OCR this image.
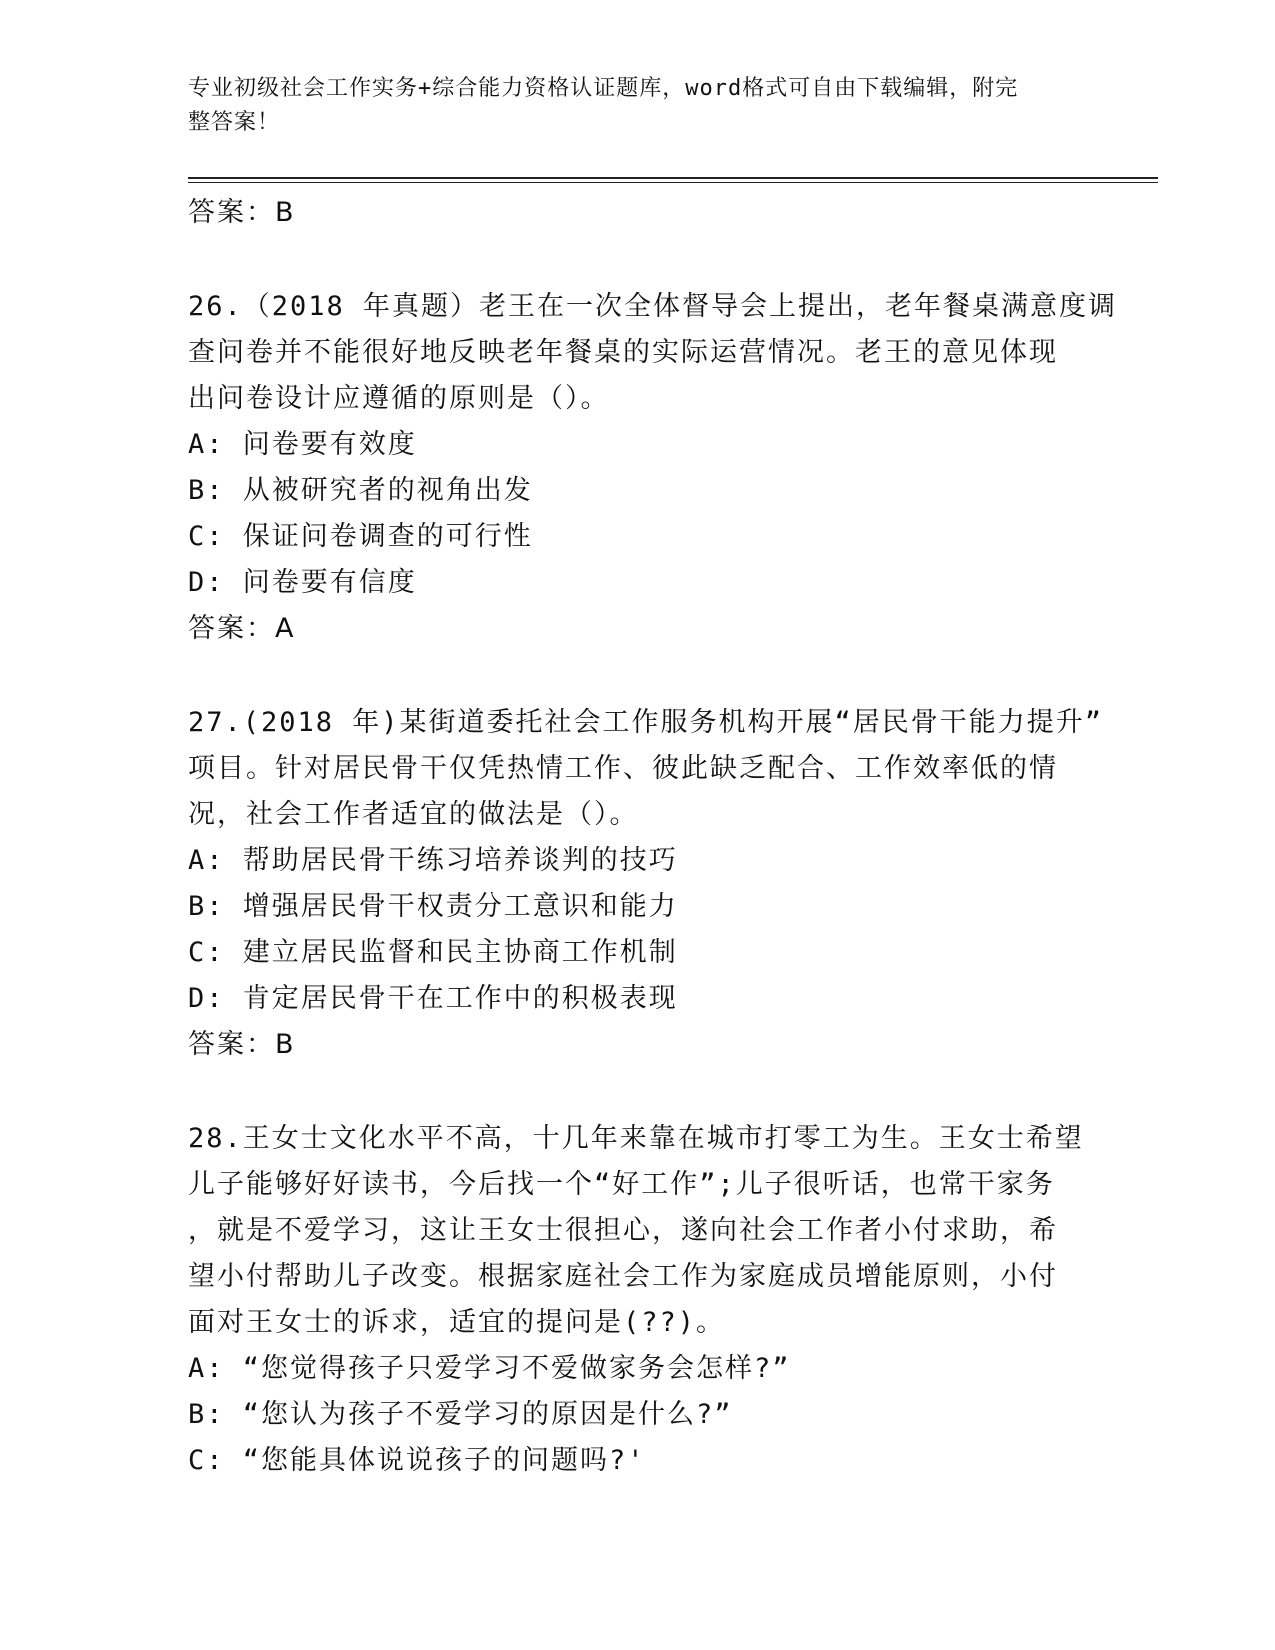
专业初级社会工作实务+综合能力资格认证题库，word格式可自由下载编辑，附完
整答案！
答案：B
26.（2018 年真题）老王在一次全体督导会上提出，老年餐桌满意度调
查问卷并不能很好地反映老年餐桌的实际运营情况。老王的意见体现
出问卷设计应遵循的原则是（）。
A: 问卷要有效度
B: 从被研究者的视角出发
C: 保证问卷调查的可行性
D: 问卷要有信度
答案：A
27.(2018 年)某街道委托社会工作服务机构开展“居民骨干能力提升”
项目。针对居民骨干仅凭热情工作、彼此缺乏配合、工作效率低的情
况，社会工作者适宜的做法是（）。
A: 帮助居民骨干练习培养谈判的技巧
B: 增强居民骨干权责分工意识和能力
C: 建立居民监督和民主协商工作机制
D: 肯定居民骨干在工作中的积极表现
答案：B
28.王女士文化水平不高，十几年来靠在城市打零工为生。王女士希望
儿子能够好好读书，今后找一个“好工作”;儿子很听话，也常干家务
，就是不爱学习，这让王女士很担心，遂向社会工作者小付求助，希
望小付帮助儿子改变。根据家庭社会工作为家庭成员增能原则，小付
面对王女士的诉求，适宜的提问是(??)。
A: “您觉得孩子只爱学习不爱做家务会怎样?”
B: “您认为孩子不爱学习的原因是什么?”
C: “您能具体说说孩子的问题吗?'
